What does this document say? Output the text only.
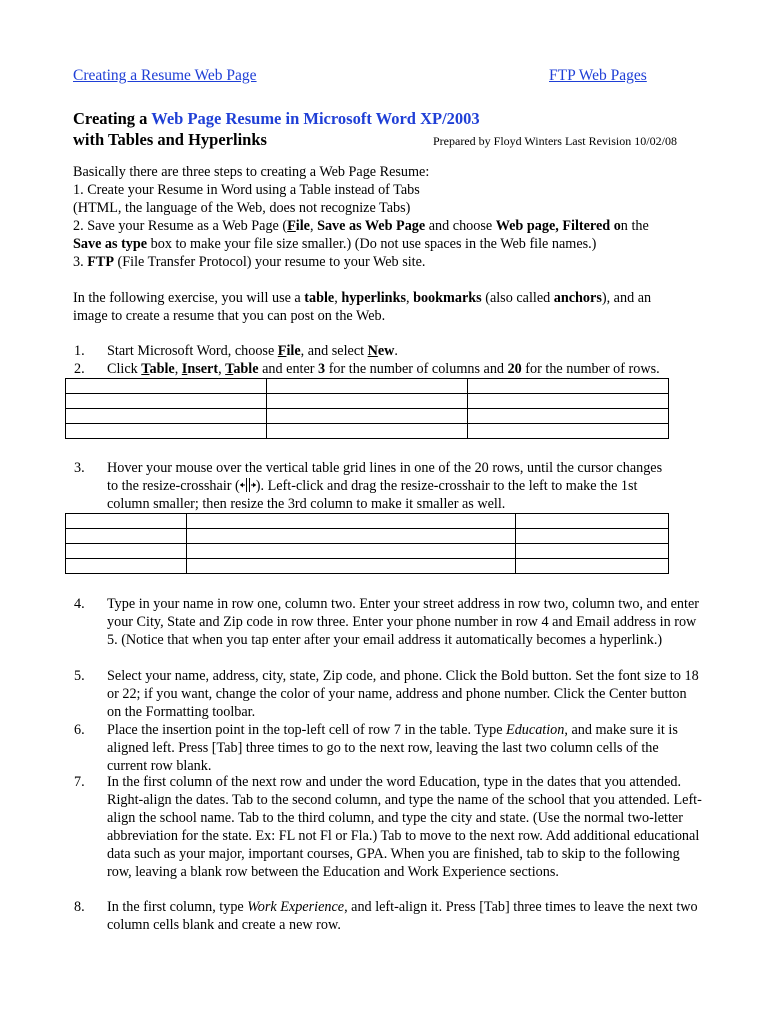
Creating a Resume Web Page	FTP Web Pages
Creating a Web Page Resume in Microsoft Word XP/2003
with Tables and Hyperlinks	Prepared by Floyd Winters Last Revision 10/02/08
Basically there are three steps to creating a Web Page Resume:
1. Create your Resume in Word using a Table instead of Tabs
(HTML, the language of the Web, does not recognize Tabs)
2. Save your Resume as a Web Page (File, Save as Web Page and choose Web page, Filtered on the
Save as type box to make your file size smaller.) (Do not use spaces in the Web file names.)
3. FTP (File Transfer Protocol) your resume to your Web site.
In the following exercise, you will use a table, hyperlinks, bookmarks (also called anchors), and an
image to create a resume that you can post on the Web.
1.	Start Microsoft Word, choose File, and select New.
2.	Click Table, Insert, Table and enter 3 for the number of columns and 20 for the number of rows.

3.	Hover your mouse over the vertical table grid lines in one of the 20 rows, until the cursor changes
to the resize-crosshair ( ). Left-click and drag the resize-crosshair to the left to make the 1st
column smaller; then resize the 3rd column to make it smaller as well.

4.	Type in your name in row one, column two. Enter your street address in row two, column two, and enter your City, State and Zip code in row three. Enter your phone number in row 4 and Email address in row 5. (Notice that when you tap enter after your email address it automatically becomes a hyperlink.)
5.	Select your name, address, city, state, Zip code, and phone. Click the Bold button. Set the font size to 18 or 22; if you want, change the color of your name, address and phone number. Click the Center button on the Formatting toolbar.
6.	Place the insertion point in the top-left cell of row 7 in the table. Type Education, and make sure it is aligned left. Press [Tab] three times to go to the next row, leaving the last two column cells of the current row blank.
7.	In the first column of the next row and under the word Education, type in the dates that you attended. Right-align the dates. Tab to the second column, and type the name of the school that you attended. Left-align the school name. Tab to the third column, and type the city and state. (Use the normal two-letter abbreviation for the state. Ex: FL not Fl or Fla.) Tab to move to the next row. Add additional educational data such as your major, important courses, GPA. When you are finished, tab to skip to the following row, leaving a blank row between the Education and Work Experience sections.
8.	In the first column, type Work Experience, and left-align it. Press [Tab] three times to leave the next two column cells blank and create a new row.
